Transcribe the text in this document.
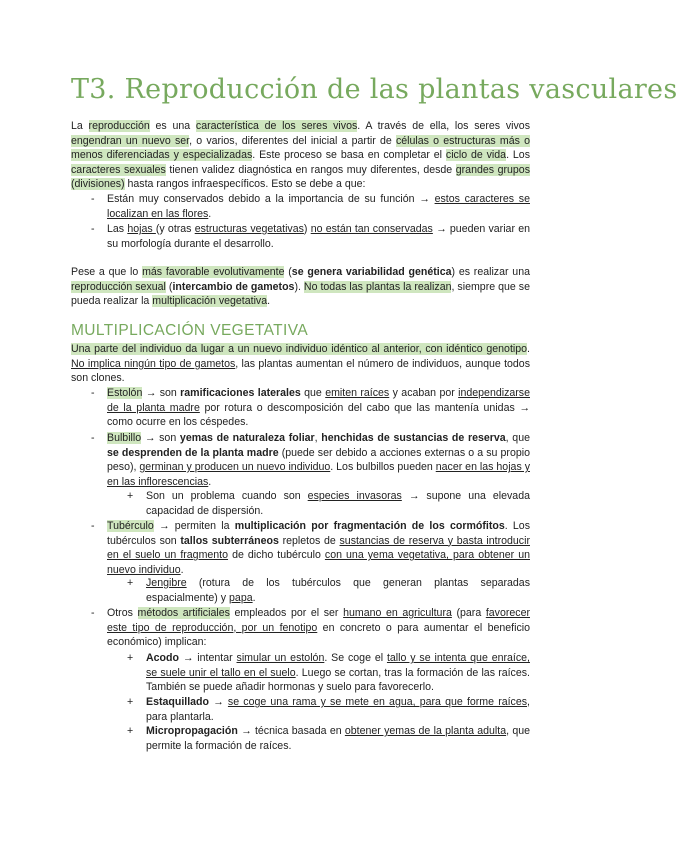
T3. Reproducción de las plantas vasculares

La reproducción es una característica de los seres vivos. A través de ella, los seres vivos engendran un nuevo ser, o varios, diferentes del inicial a partir de células o estructuras más o menos diferenciadas y especializadas. Este proceso se basa en completar el ciclo de vida. Los caracteres sexuales tienen validez diagnóstica en rangos muy diferentes, desde grandes grupos (divisiones) hasta rangos infraespecíficos. Esto se debe a que:

- Están muy conservados debido a la importancia de su función → estos caracteres se localizan en las flores.

- Las hojas (y otras estructuras vegetativas) no están tan conservadas → pueden variar en su morfología durante el desarrollo.

Pese a que lo más favorable evolutivamente (se genera variabilidad genética) es realizar una reproducción sexual (intercambio de gametos). No todas las plantas la realizan, siempre que se pueda realizar la multiplicación vegetativa.

MULTIPLICACIÓN VEGETATIVA

Una parte del individuo da lugar a un nuevo individuo idéntico al anterior, con idéntico genotipo. No implica ningún tipo de gametos, las plantas aumentan el número de individuos, aunque todos son clones.

- Estolón → son ramificaciones laterales que emiten raíces y acaban por independizarse de la planta madre por rotura o descomposición del cabo que las mantenía unidas → como ocurre en los céspedes.

- Bulbillo → son yemas de naturaleza foliar, henchidas de sustancias de reserva, que se desprenden de la planta madre (puede ser debido a acciones externas o a su propio peso), germinan y producen un nuevo individuo. Los bulbillos pueden nacer en las hojas y en las inflorescencias.

+ Son un problema cuando son especies invasoras → supone una elevada capacidad de dispersión.

- Tubérculo → permiten la multiplicación por fragmentación de los cormófitos. Los tubérculos son tallos subterráneos repletos de sustancias de reserva y basta introducir en el suelo un fragmento de dicho tubérculo con una yema vegetativa, para obtener un nuevo individuo.

+ Jengibre (rotura de los tubérculos que generan plantas separadas espacialmente) y papa.

- Otros métodos artificiales empleados por el ser humano en agricultura (para favorecer este tipo de reproducción, por un fenotipo en concreto o para aumentar el beneficio económico) implican:

+ Acodo → intentar simular un estolón. Se coge el tallo y se intenta que enraíce, se suele unir el tallo en el suelo. Luego se cortan, tras la formación de las raíces. También se puede añadir hormonas y suelo para favorecerlo.

+ Estaquillado → se coge una rama y se mete en agua, para que forme raíces, para plantarla.

+ Micropropagación → técnica basada en obtener yemas de la planta adulta, que permite la formación de raíces.
